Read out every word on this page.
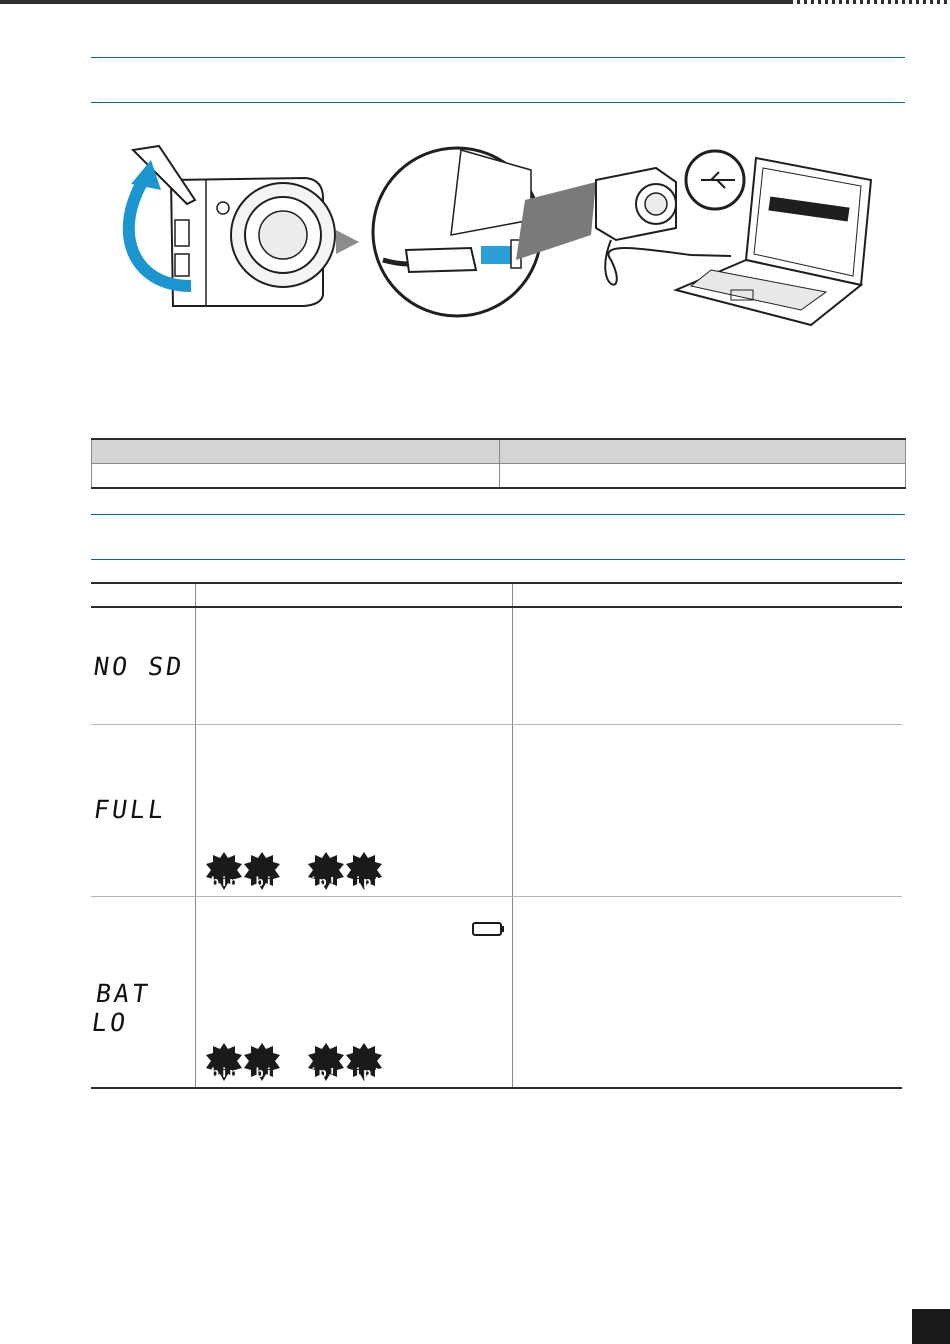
NO SD		

FULL	bip! bip! bip! bip!	

BAT LO	bip! bip! bip! bip!	
